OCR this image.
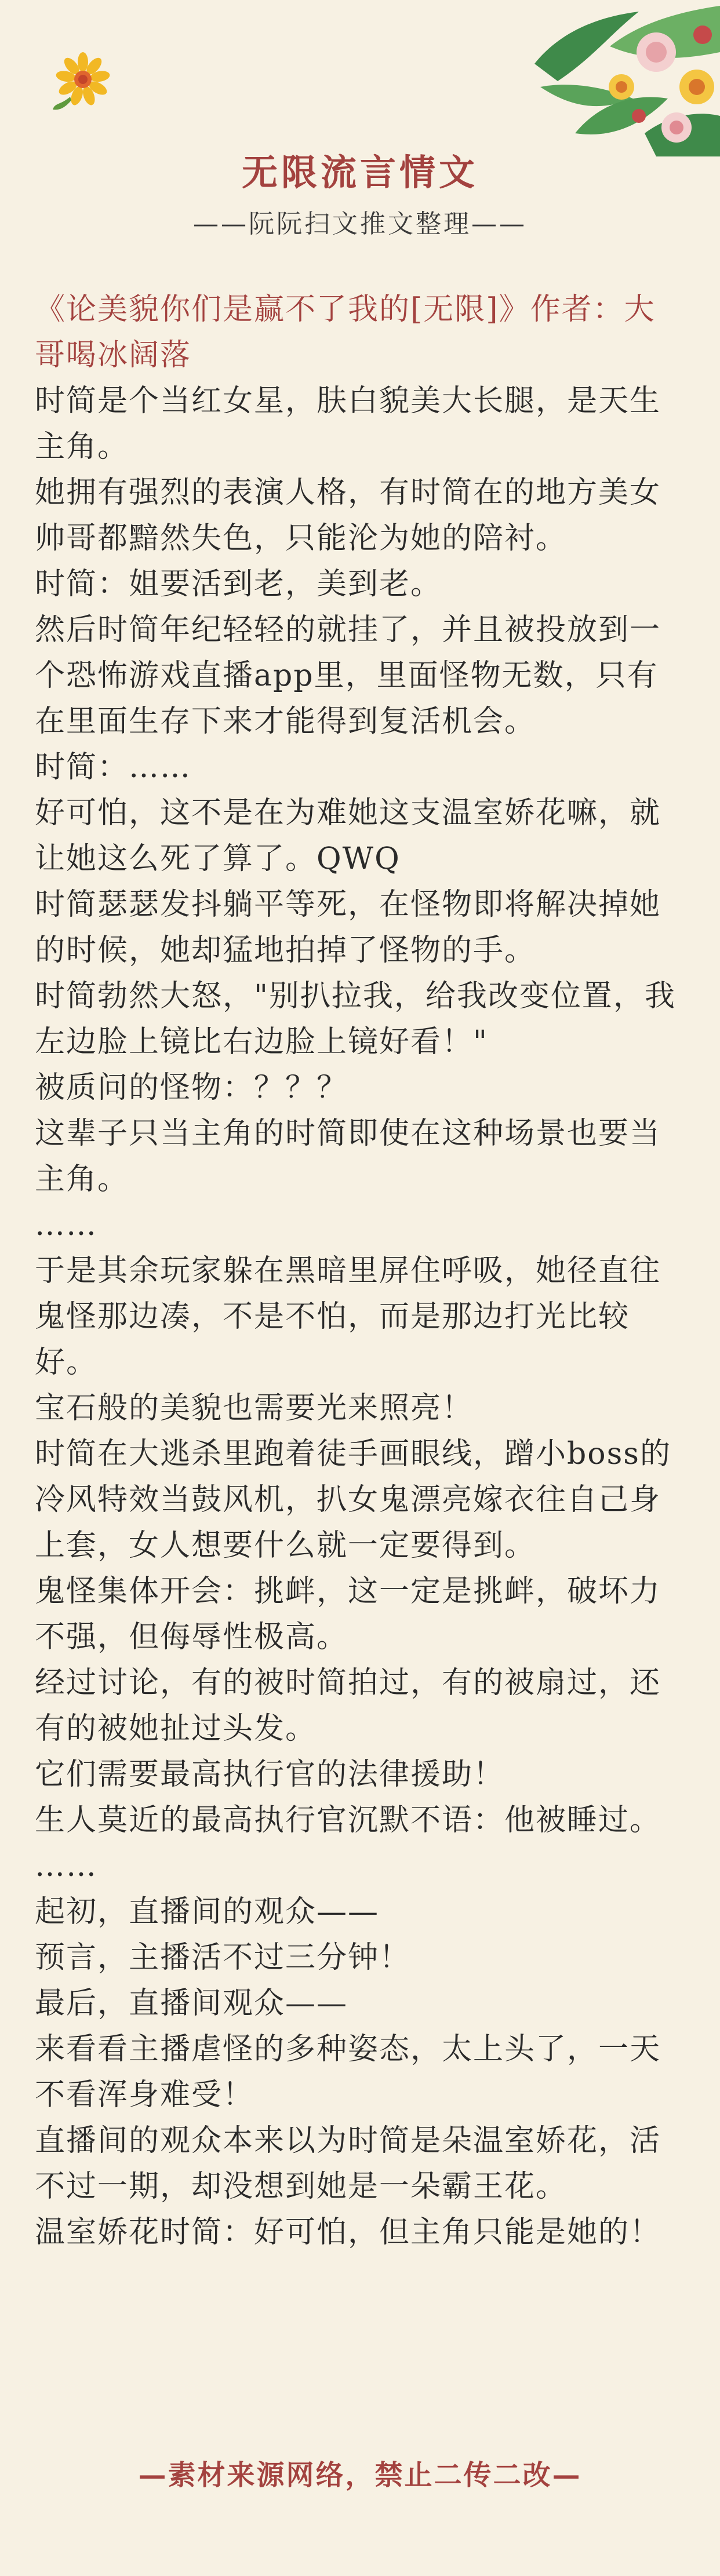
无限流言情文
——阮阮扫文推文整理——

《论美貌你们是赢不了我的[无限]》作者：大哥喝冰阔落

时简是个当红女星，肤白貌美大长腿，是天生主角。

她拥有强烈的表演人格，有时简在的地方美女帅哥都黯然失色，只能沦为她的陪衬。

时简：姐要活到老，美到老。

然后时简年纪轻轻的就挂了，并且被投放到一个恐怖游戏直播app里，里面怪物无数，只有在里面生存下来才能得到复活机会。

时简：……

好可怕，这不是在为难她这支温室娇花嘛，就让她这么死了算了。QWQ

时简瑟瑟发抖躺平等死，在怪物即将解决掉她的时候，她却猛地拍掉了怪物的手。

时简勃然大怒，"别扒拉我，给我改变位置，我左边脸上镜比右边脸上镜好看！"

被质问的怪物：？？？

这辈子只当主角的时简即使在这种场景也要当主角。

……

于是其余玩家躲在黑暗里屏住呼吸，她径直往鬼怪那边凑，不是不怕，而是那边打光比较好。

宝石般的美貌也需要光来照亮！

时简在大逃杀里跑着徒手画眼线，蹭小boss的冷风特效当鼓风机，扒女鬼漂亮嫁衣往自己身上套，女人想要什么就一定要得到。

鬼怪集体开会：挑衅，这一定是挑衅，破坏力不强，但侮辱性极高。

经过讨论，有的被时简拍过，有的被扇过，还有的被她扯过头发。

它们需要最高执行官的法律援助！

生人莫近的最高执行官沉默不语：他被睡过。

……

起初，直播间的观众——

预言，主播活不过三分钟！

最后，直播间观众——

来看看主播虐怪的多种姿态，太上头了，一天不看浑身难受！

直播间的观众本来以为时简是朵温室娇花，活不过一期，却没想到她是一朵霸王花。

温室娇花时简：好可怕，但主角只能是她的！

—素材来源网络，禁止二传二改—
